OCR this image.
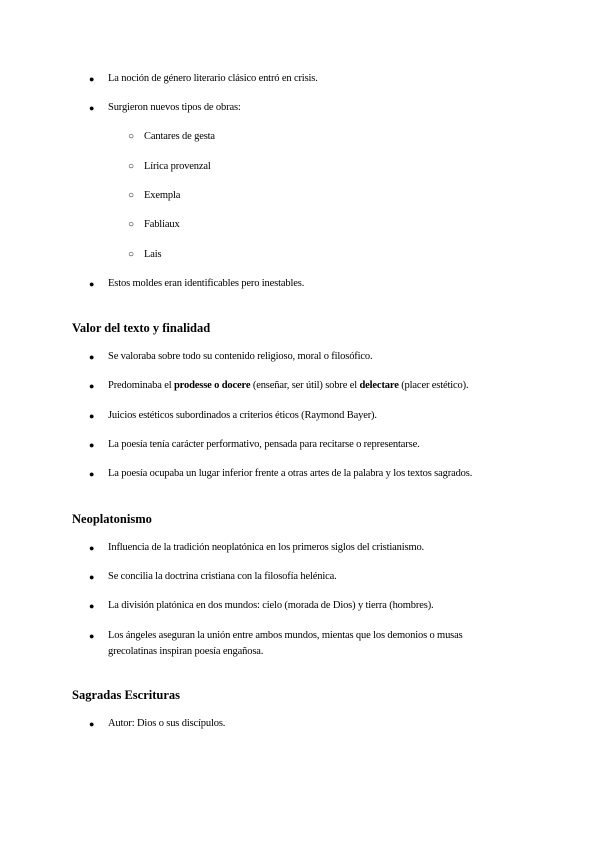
● La noción de género literario clásico entró en crisis.
● Surgieron nuevos tipos de obras:
○ Cantares de gesta
○ Lírica provenzal
○ Exempla
○ Fabliaux
○ Lais
● Estos moldes eran identificables pero inestables.
Valor del texto y finalidad
● Se valoraba sobre todo su contenido religioso, moral o filosófico.
● Predominaba el prodesse o docere (enseñar, ser útil) sobre el delectare (placer estético).
● Juicios estéticos subordinados a criterios éticos (Raymond Bayer).
● La poesía tenía carácter performativo, pensada para recitarse o representarse.
● La poesía ocupaba un lugar inferior frente a otras artes de la palabra y los textos sagrados.
Neoplatonismo
● Influencia de la tradición neoplatónica en los primeros siglos del cristianismo.
● Se concilia la doctrina cristiana con la filosofía helénica.
● La división platónica en dos mundos: cielo (morada de Dios) y tierra (hombres).
● Los ángeles aseguran la unión entre ambos mundos, mientas que los demonios o musas
grecolatinas inspiran poesía engañosa.
Sagradas Escrituras
● Autor: Dios o sus discípulos.
